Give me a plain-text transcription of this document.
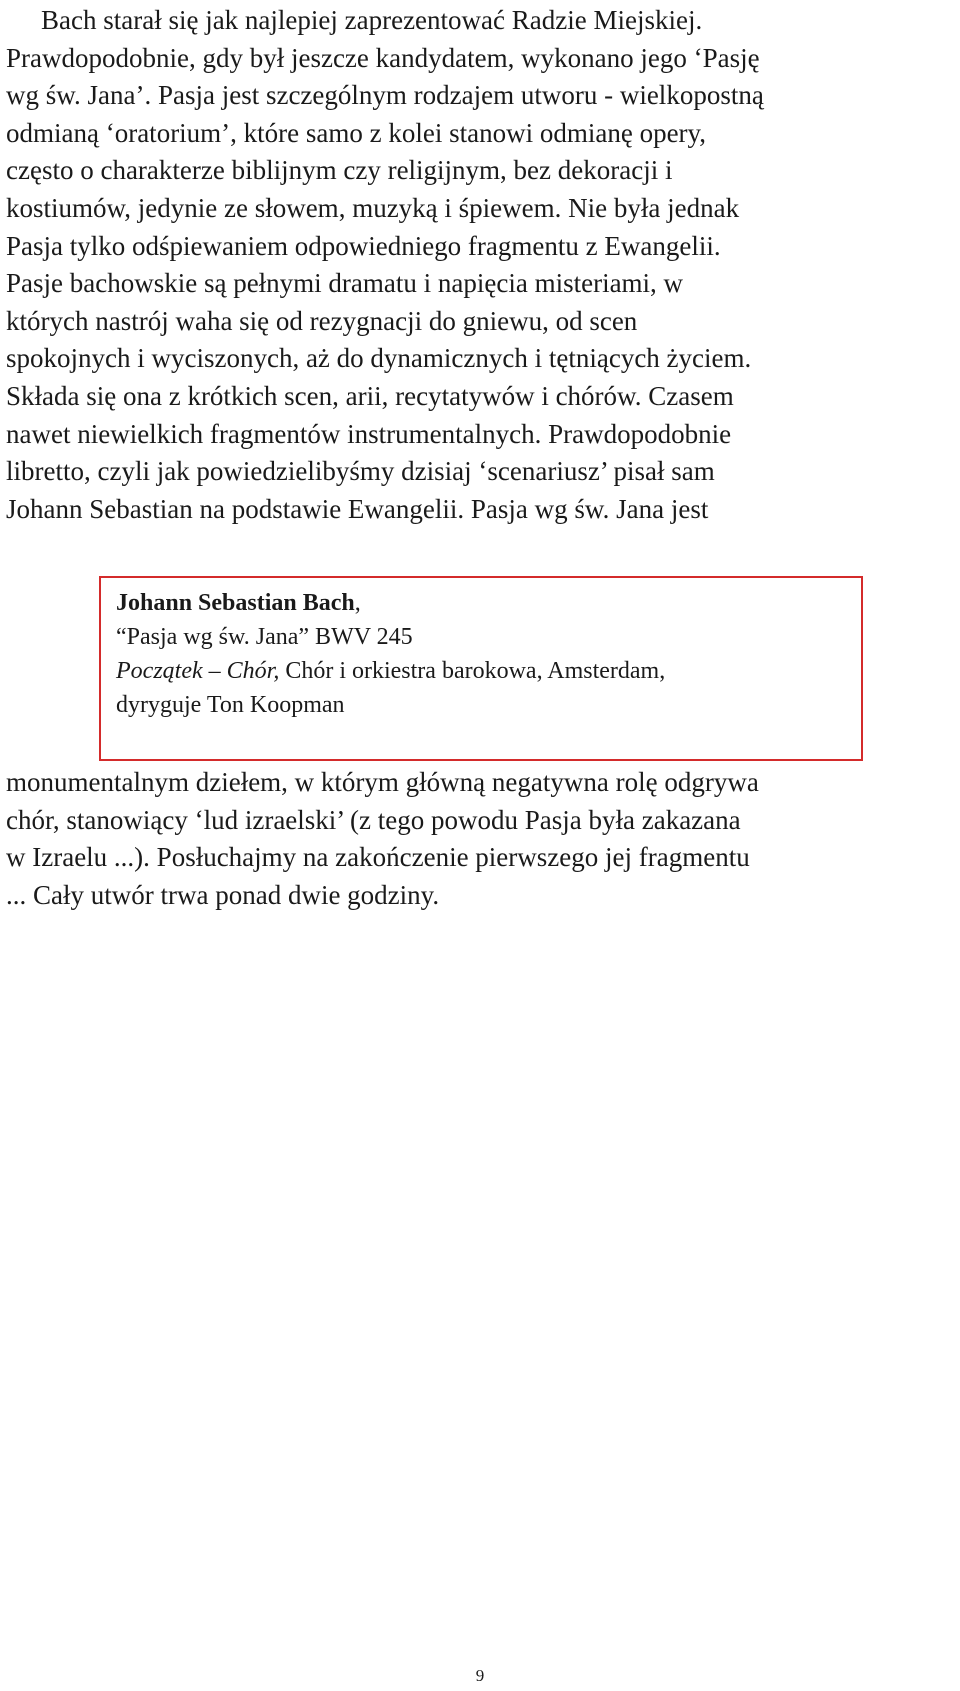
Bach starał się jak najlepiej zaprezentować Radzie Miejskiej.
Prawdopodobnie, gdy był jeszcze kandydatem, wykonano jego ‘Pasję
wg św. Jana’. Pasja jest szczególnym rodzajem utworu - wielkopostną
odmianą ‘oratorium’, które samo z kolei stanowi odmianę opery,
często o charakterze biblijnym czy religijnym, bez dekoracji i
kostiumów, jedynie ze słowem, muzyką i śpiewem. Nie była jednak
Pasja tylko odśpiewaniem odpowiedniego fragmentu z Ewangelii.
Pasje bachowskie są pełnymi dramatu i napięcia misteriami, w
których nastrój waha się od rezygnacji do gniewu, od scen
spokojnych i wyciszonych, aż do dynamicznych i tętniących życiem.
Składa się ona z krótkich scen, arii, recytatywów i chórów. Czasem
nawet niewielkich fragmentów instrumentalnych. Prawdopodobnie
libretto, czyli jak powiedzielibyśmy dzisiaj ‘scenariusz’ pisał sam
Johann Sebastian na podstawie Ewangelii. Pasja wg św. Jana jest
Johann Sebastian Bach,
“Pasja wg św. Jana” BWV 245
Początek – Chór, Chór i orkiestra barokowa, Amsterdam,
dyryguje Ton Koopman
monumentalnym dziełem, w którym główną negatywna rolę odgrywa
chór, stanowiący ‘lud izraelski’ (z tego powodu Pasja była zakazana
w Izraelu ...). Posłuchajmy na zakończenie pierwszego jej fragmentu
... Cały utwór trwa ponad dwie godziny.
9
